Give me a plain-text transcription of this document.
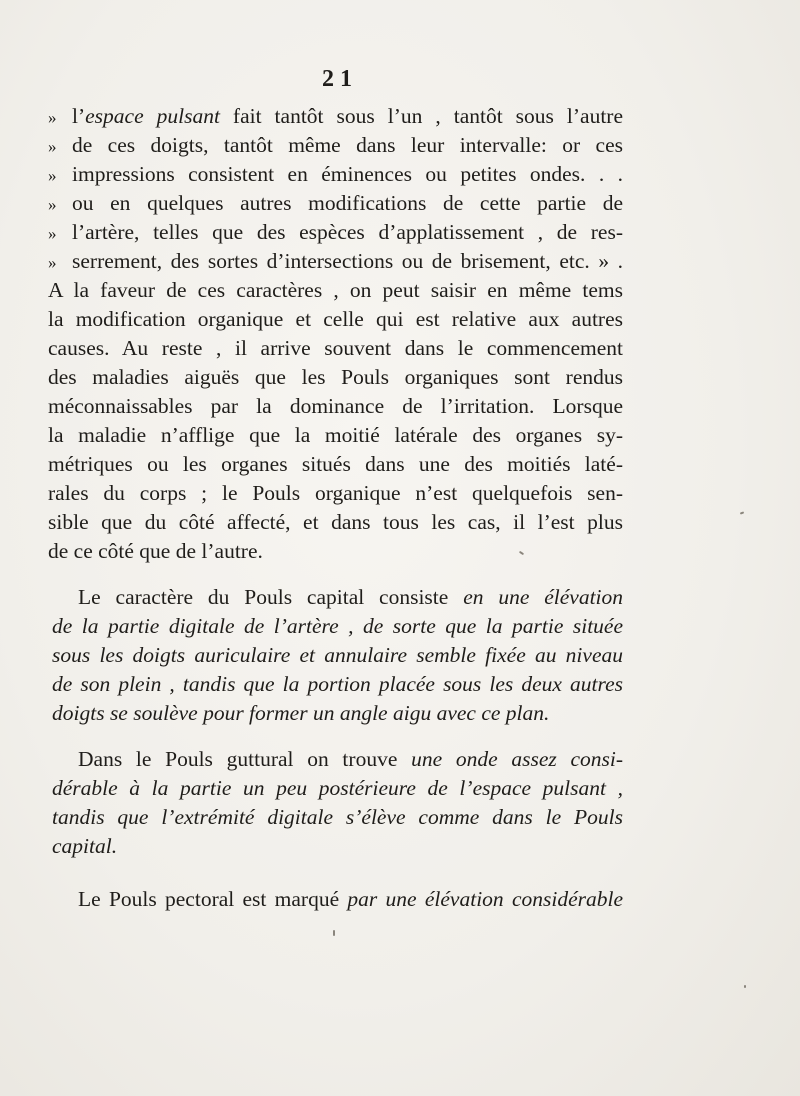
21
» l’espace pulsant fait tantôt sous l’un , tantôt sous l’autre
» de ces doigts, tantôt même dans leur intervalle: or ces
» impressions consistent en éminences ou petites ondes. . .
» ou en quelques autres modifications de cette partie de
» l’artère, telles que des espèces d’applatissement , de res-
» serrement, des sortes d’intersections ou de brisement, etc. » .
A la faveur de ces caractères , on peut saisir en même tems
la modification organique et celle qui est relative aux autres
causes. Au reste , il arrive souvent dans le commencement
des maladies aiguës que les Pouls organiques sont rendus
méconnaissables par la dominance de l’irritation. Lorsque
la maladie n’afflige que la moitié latérale des organes sy-
métriques ou les organes situés dans une des moitiés laté-
rales du corps ; le Pouls organique n’est quelquefois sen-
sible que du côté affecté, et dans tous les cas, il l’est plus
de ce côté que de l’autre.
Le caractère du Pouls capital consiste en une élévation
de la partie digitale de l’artère , de sorte que la partie située
sous les doigts auriculaire et annulaire semble fixée au niveau
de son plein , tandis que la portion placée sous les deux autres
doigts se soulève pour former un angle aigu avec ce plan.
Dans le Pouls guttural on trouve une onde assez consi-
dérable à la partie un peu postérieure de l’espace pulsant ,
tandis que l’extrémité digitale s’élève comme dans le Pouls
capital.
Le Pouls pectoral est marqué par une élévation considérable
